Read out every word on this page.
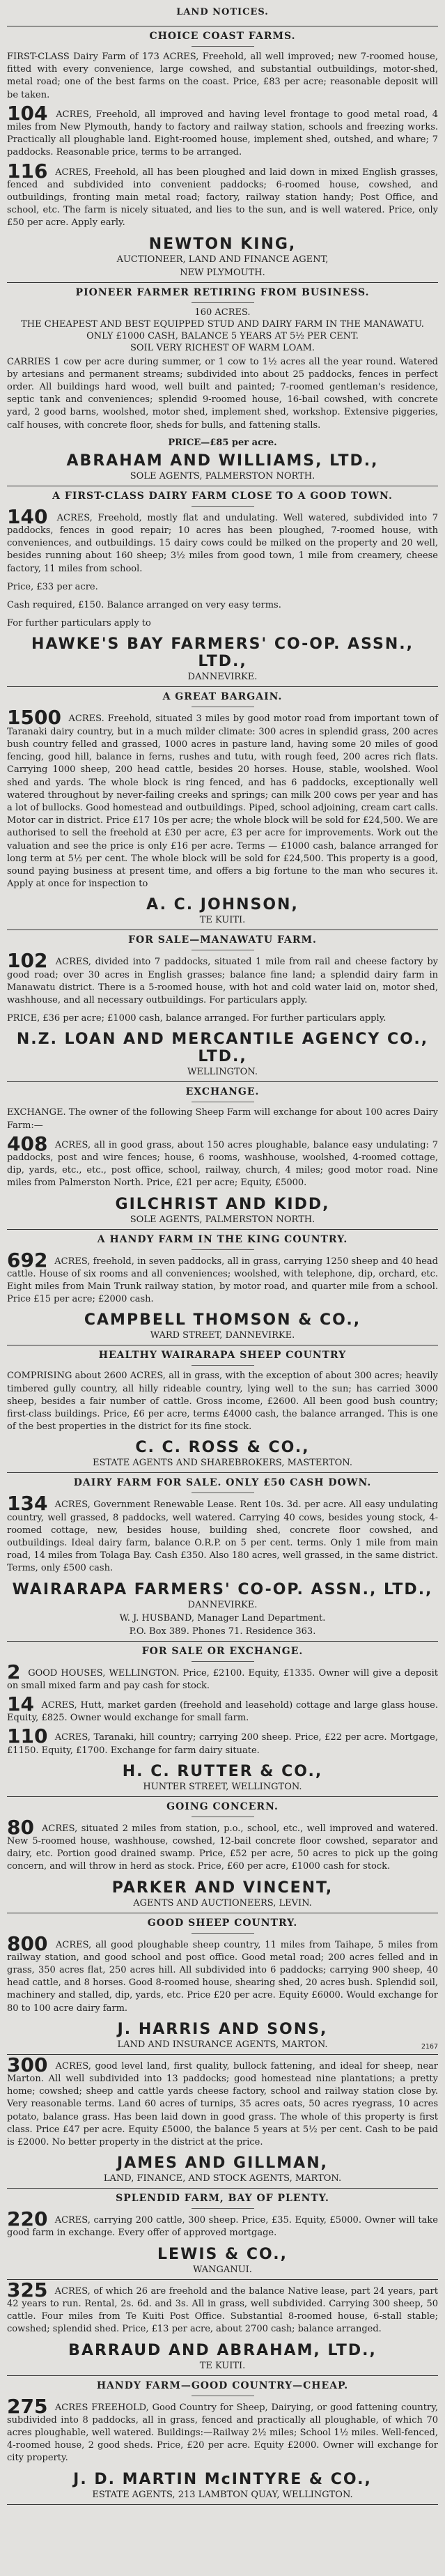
LAND NOTICES.
CHOICE COAST FARMS.
FIRST-CLASS Dairy Farm of 173 ACRES, Freehold, all well improved; new 7-roomed house, fitted with every convenience, large cowshed, and substantial outbuildings, motor-shed, metal road; one of the best farms on the coast. Price, £83 per acre; reasonable deposit will be taken.
104 ACRES, Freehold, all improved and having level frontage to good metal road, 4 miles from New Plymouth, handy to factory and railway station, schools and freezing works. Practically all ploughable land. Eight-roomed house, implement shed, outshed, and whare; 7 paddocks. Reasonable price, terms to be arranged.
116 ACRES, Freehold, all has been ploughed and laid down in mixed English grasses, fenced and subdivided into convenient paddocks; 6-roomed house, cowshed, and outbuildings, fronting main metal road; factory, railway station handy; Post Office, and school, etc. The farm is nicely situated, and lies to the sun, and is well watered. Price, only £50 per acre. Apply early.
NEWTON KING,
AUCTIONEER, LAND AND FINANCE AGENT,
NEW PLYMOUTH.
PIONEER FARMER RETIRING FROM BUSINESS.
160 ACRES.
THE CHEAPEST AND BEST EQUIPPED STUD AND DAIRY FARM IN THE MANAWATU.
ONLY £1000 CASH, BALANCE 5 YEARS AT 5½ PER CENT.
SOIL VERY RICHEST OF WARM LOAM.
CARRIES 1 cow per acre during summer, or 1 cow to 1½ acres all the year round. Watered by artesians and permanent streams; subdivided into about 25 paddocks, fences in perfect order. All buildings hard wood, well built and painted; 7-roomed gentleman's residence, septic tank and conveniences; splendid 9-roomed house, 16-bail cowshed, with concrete yard, 2 good barns, woolshed, motor shed, implement shed, workshop. Extensive piggeries, calf houses, with concrete floor, sheds for bulls, and fattening stalls.
PRICE—£85 per acre.
ABRAHAM AND WILLIAMS, LTD.,
SOLE AGENTS, PALMERSTON NORTH.
A FIRST-CLASS DAIRY FARM CLOSE TO A GOOD TOWN.
140 ACRES, Freehold, mostly flat and undulating. Well watered, subdivided into 7 paddocks, fences in good repair; 10 acres has been ploughed, 7-roomed house, with conveniences, and outbuildings. 15 dairy cows could be milked on the property and 20 well, besides running about 160 sheep; 3½ miles from good town, 1 mile from creamery, cheese factory, 11 miles from school.
Price, £33 per acre.
Cash required, £150. Balance arranged on very easy terms.
For further particulars apply to
HAWKE'S BAY FARMERS' CO-OP. ASSN., LTD.,
DANNEVIRKE.
A GREAT BARGAIN.
1500 ACRES. Freehold, situated 3 miles by good motor road from important town of Taranaki dairy country, but in a much milder climate: 300 acres in splendid grass, 200 acres bush country felled and grassed, 1000 acres in pasture land, having some 20 miles of good fencing, good hill, balance in ferns, rushes and tutu, with rough feed, 200 acres rich flats. Carrying 1000 sheep, 200 head cattle, besides 20 horses. House, stable, woolshed. Wool shed and yards. The whole block is ring fenced, and has 6 paddocks, exceptionally well watered throughout by never-failing creeks and springs; can milk 200 cows per year and has a lot of bullocks. Good homestead and outbuildings. Piped, school adjoining, cream cart calls. Motor car in district. Price £17 10s per acre; the whole block will be sold for £24,500. We are authorised to sell the freehold at £30 per acre, £3 per acre for improvements. Work out the valuation and see the price is only £16 per acre. Terms — £1000 cash, balance arranged for long term at 5½ per cent. The whole block will be sold for £24,500. This property is a good, sound paying business at present time, and offers a big fortune to the man who secures it. Apply at once for inspection to
A. C. JOHNSON,
TE KUITI.
FOR SALE—MANAWATU FARM.
102 ACRES, divided into 7 paddocks, situated 1 mile from rail and cheese factory by good road; over 30 acres in English grasses; balance fine land; a splendid dairy farm in Manawatu district. There is a 5-roomed house, with hot and cold water laid on, motor shed, washhouse, and all necessary outbuildings. For particulars apply.
PRICE, £36 per acre; £1000 cash, balance arranged. For further particulars apply.
N.Z. LOAN AND MERCANTILE AGENCY CO., LTD.,
WELLINGTON.
EXCHANGE.
EXCHANGE. The owner of the following Sheep Farm will exchange for about 100 acres Dairy Farm:—
408 ACRES, all in good grass, about 150 acres ploughable, balance easy undulating: 7 paddocks, post and wire fences; house, 6 rooms, washhouse, woolshed, 4-roomed cottage, dip, yards, etc., etc., post office, school, railway, church, 4 miles; good motor road. Nine miles from Palmerston North. Price, £21 per acre; Equity, £5000.
GILCHRIST AND KIDD,
SOLE AGENTS, PALMERSTON NORTH.
A HANDY FARM IN THE KING COUNTRY.
692 ACRES, freehold, in seven paddocks, all in grass, carrying 1250 sheep and 40 head cattle. House of six rooms and all conveniences; woolshed, with telephone, dip, orchard, etc. Eight miles from Main Trunk railway station, by motor road, and quarter mile from a school. Price £15 per acre; £2000 cash.
CAMPBELL THOMSON & CO.,
WARD STREET, DANNEVIRKE.
HEALTHY WAIRARAPA SHEEP COUNTRY
COMPRISING about 2600 ACRES, all in grass, with the exception of about 300 acres; heavily timbered gully country, all hilly rideable country, lying well to the sun; has carried 3000 sheep, besides a fair number of cattle. Gross income, £2600. All been good bush country; first-class buildings. Price, £6 per acre, terms £4000 cash, the balance arranged. This is one of the best properties in the district for its fine stock.
C. C. ROSS & CO.,
ESTATE AGENTS AND SHAREBROKERS, MASTERTON.
DAIRY FARM FOR SALE. ONLY £50 CASH DOWN.
134 ACRES, Government Renewable Lease. Rent 10s. 3d. per acre. All easy undulating country, well grassed, 8 paddocks, well watered. Carrying 40 cows, besides young stock, 4-roomed cottage, new, besides house, building shed, concrete floor cowshed, and outbuildings. Ideal dairy farm, balance O.R.P. on 5 per cent. terms. Only 1 mile from main road, 14 miles from Tolaga Bay. Cash £350. Also 180 acres, well grassed, in the same district. Terms, only £500 cash.
WAIRARAPA FARMERS' CO-OP. ASSN., LTD.,
DANNEVIRKE.
W. J. HUSBAND, Manager Land Department.
P.O. Box 389. Phones 71. Residence 363.
FOR SALE OR EXCHANGE.
2 GOOD HOUSES, WELLINGTON. Price, £2100. Equity, £1335. Owner will give a deposit on small mixed farm and pay cash for stock.
14 ACRES, Hutt, market garden (freehold and leasehold) cottage and large glass house. Equity, £825. Owner would exchange for small farm.
110 ACRES, Taranaki, hill country; carrying 200 sheep. Price, £22 per acre. Mortgage, £1150. Equity, £1700. Exchange for farm dairy situate.
H. C. RUTTER & CO.,
HUNTER STREET, WELLINGTON.
GOING CONCERN.
80 ACRES, situated 2 miles from station, p.o., school, etc., well improved and watered. New 5-roomed house, washhouse, cowshed, 12-bail concrete floor cowshed, separator and dairy, etc. Portion good drained swamp. Price, £52 per acre, 50 acres to pick up the going concern, and will throw in herd as stock. Price, £60 per acre, £1000 cash for stock.
PARKER AND VINCENT,
AGENTS AND AUCTIONEERS, LEVIN.
GOOD SHEEP COUNTRY.
800 ACRES, all good ploughable sheep country, 11 miles from Taihape, 5 miles from railway station, and good school and post office. Good metal road; 200 acres felled and in grass, 350 acres flat, 250 acres hill. All subdivided into 6 paddocks; carrying 900 sheep, 40 head cattle, and 8 horses. Good 8-roomed house, shearing shed, 20 acres bush. Splendid soil, machinery and stalled, dip, yards, etc. Price £20 per acre. Equity £6000. Would exchange for 80 to 100 acre dairy farm.
J. HARRIS AND SONS,
LAND AND INSURANCE AGENTS, MARTON.	2167
300 ACRES, good level land, first quality, bullock fattening, and ideal for sheep, near Marton. All well subdivided into 13 paddocks; good homestead nine plantations; a pretty home; cowshed; sheep and cattle yards cheese factory, school and railway station close by. Very reasonable terms. Land 60 acres of turnips, 35 acres oats, 50 acres ryegrass, 10 acres potato, balance grass. Has been laid down in good grass. The whole of this property is first class. Price £47 per acre. Equity £5000, the balance 5 years at 5½ per cent. Cash to be paid is £2000. No better property in the district at the price.
JAMES AND GILLMAN,
LAND, FINANCE, AND STOCK AGENTS, MARTON.
SPLENDID FARM, BAY OF PLENTY.
220 ACRES, carrying 200 cattle, 300 sheep. Price, £35. Equity, £5000. Owner will take good farm in exchange. Every offer of approved mortgage.
LEWIS & CO.,
WANGANUI.
325 ACRES, of which 26 are freehold and the balance Native lease, part 24 years, part 42 years to run. Rental, 2s. 6d. and 3s. All in grass, well subdivided. Carrying 300 sheep, 50 cattle. Four miles from Te Kuiti Post Office. Substantial 8-roomed house, 6-stall stable; cowshed; splendid shed. Price, £13 per acre, about 2700 cash; balance arranged.
BARRAUD AND ABRAHAM, LTD.,
TE KUITI.
HANDY FARM—GOOD COUNTRY—CHEAP.
275 ACRES FREEHOLD, Good Country for Sheep, Dairying, or good fattening country, subdivided into 8 paddocks, all in grass, fenced and practically all ploughable, of which 70 acres ploughable, well watered. Buildings:—Railway 2½ miles; School 1½ miles. Well-fenced, 4-roomed house, 2 good sheds. Price, £20 per acre. Equity £2000. Owner will exchange for city property.
J. D. MARTIN McINTYRE & CO.,
ESTATE AGENTS, 213 LAMBTON QUAY, WELLINGTON.
